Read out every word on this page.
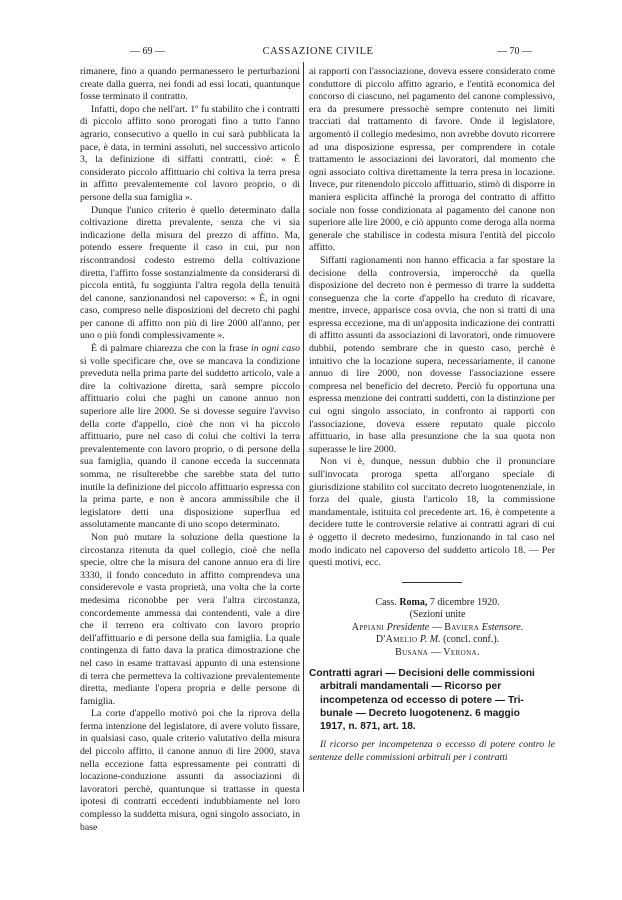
— 69 —	CASSAZIONE CIVILE	— 70 —

rimanere, fino a quando permanessero le perturbazioni create dalla guerra, nei fondi ad essi locati, quantunque fosse terminato il contratto.

Infatti, dopo che nell'art. 1º fu stabilito che i contratti di piccolo affitto sono prorogati fino a tutto l'anno agrario, consecutivo a quello in cui sarà pubblicata la pace, è data, in termini assoluti, nel successivo articolo 3, la definizione di siffatti contratti, cioè: « È considerato piccolo affittuario chi coltiva la terra presa in affitto prevalentemente col lavoro proprio, o di persone della sua famiglia ».

Dunque l'unico criterio è quello determinato dalla coltivazione diretta prevalente, senza che vi sia indicazione della misura del prezzo di affitto. Ma, potendo essere frequente il caso in cui, pur non riscontrandosi codesto estremo della coltivazione diretta, l'affitto fosse sostanzialmente da considerarsi di piccola entità, fu soggiunta l'altra regola della tenuità del canone, sanzionandosi nel capoverso: « È, in ogni caso, compreso nelle disposizioni del decreto chi paghi per canone di affitto non più di lire 2000 all'anno, per uno o più fondi complessivamente ».

È di palmare chiarezza che con la frase in ogni caso si volle specificare che, ove se mancava la condizione preveduta nella prima parte del suddetto articolo, vale a dire la coltivazione diretta, sarà sempre piccolo affittuario colui che paghi un canone annuo non superiore alle lire 2000. Se si dovesse seguire l'avviso della corte d'appello, cioè che non vi ha piccolo affittuario, pure nel caso di colui che coltivi la terra prevalentemente con lavoro proprio, o di persone della sua famiglia, quando il canone ecceda la succennata somma, ne risulterebbe che sarebbe stata del tutto inutile la definizione del piccolo affittuario espressa con la prima parte, e non è ancora ammissibile che il legislatore detti una disposizione superflua ed assolutamente mancante di uno scopo determinato.

Non può mutare la soluzione della questione la circostanza ritenuta da quel collegio, cioè che nella specie, oltre che la misura del canone annuo era di lire 3330, il fondo conceduto in affitto comprendeva una considerevole e vasta proprietà, una volta che la corte medesima riconobbe per vera l'altra circostanza, concordemente ammessa dai contendenti, vale a dire che il terreno era coltivato con lavoro proprio dell'affittuario e di persone della sua famiglia. La quale contingenza di fatto dava la pratica dimostrazione che nel caso in esame trattavasi appunto di una estensione di terra che permetteva la coltivazione prevalentemente diretta, mediante l'opera propria e delle persone di famiglia.

La corte d'appello motivò poi che la riprova della ferma intenzione del legislatore, di avere voluto fissare, in qualsiasi caso, quale criterio valutativo della misura del piccolo affitto, il canone annuo di lire 2000, stava nella eccezione fatta espressamente pei contratti di locazione-conduzione assunti da associazioni di lavoratori perchè, quantunque si trattasse in questa ipotesi di contratti eccedenti indubbiamente nel loro complesso la suddetta misura, ogni singolo associato, in base

ai rapporti con l'associazione, doveva essere considerato come conduttore di piccolo affitto agrario, e l'entità economica del concorso di ciascuno, nel pagamento del canone complessivo, era da presumere pressochè sempre contenuto nei limiti tracciati dal trattamento di favore. Onde il legislatore, argomentò il collegio medesimo, non avrebbe dovuto ricorrere ad una disposizione espressa, per comprendere in cotale trattamento le associazioni dei lavoratori, dal momento che ogni associato coltiva direttamente la terra presa in locazione. Invece, pur ritenendolo piccolo affittuario, stimò di disporre in maniera esplicita affinchè la proroga del contratto di affitto sociale non fosse condizionata al pagamento del canone non superiore alle lire 2000, e ciò appunto come deroga alla norma generale che stabilisce in codesta misura l'entità del piccolo affitto.

Siffatti ragionamenti non hanno efficacia a far spostare la decisione della controversia, imperocchè da quella disposizione del decreto non è permesso di trarre la suddetta conseguenza che la corte d'appello ha creduto di ricavare, mentre, invece, apparisce cosa ovvia, che non si tratti di una espressa eccezione, ma di un'apposita indicazione dei contratti di affitto assunti da associazioni di lavoratori, onde rimuovere dubbii, potendo sembrare che in questo caso, perchè è intuitivo che la locazione supera, necessariamente, il canone annuo di lire 2000, non dovesse l'associazione essere compresa nel beneficio del decreto. Perciò fu opportuna una espressa menzione dei contratti suddetti, con la distinzione per cui ogni singolo associato, in confronto ai rapporti con l'associazione, doveva essere reputato quale piccolo affittuario, in base alla presunzione che la sua quota non superasse le lire 2000.

Non vi è, dunque, nessun dubbio che il pronunciare sull'invocata proroga spetta all'organo speciale di giurisdizione stabilito col succitato decreto luogotenenziale, in forza del quale, giusta l'articolo 18, la commissione mandamentale, istituita col precedente art. 16, è competente a decidere tutte le controversie relative ai contratti agrari di cui è oggetto il decreto medesimo, funzionando in tal caso nel modo indicato nel capoverso del suddetto articolo 18. — Per questi motivi, ecc.

Cass. Roma, 7 dicembre 1920.

(Sezioni unite

Appiani Presidente — Baviera Estensore.

D'Amelio P. M. (concl. conf.).

Busana — Verona.

Contratti agrari — Decisioni delle commissioni
arbitrali mandamentali — Ricorso per
incompetenza od eccesso di potere — Tri-
bunale — Decreto luogotenenz. 6 maggio
1917, n. 871, art. 18.

Il ricorso per incompetenza o eccesso di potere contro le sentenze delle commissioni arbitrali per i contratti
